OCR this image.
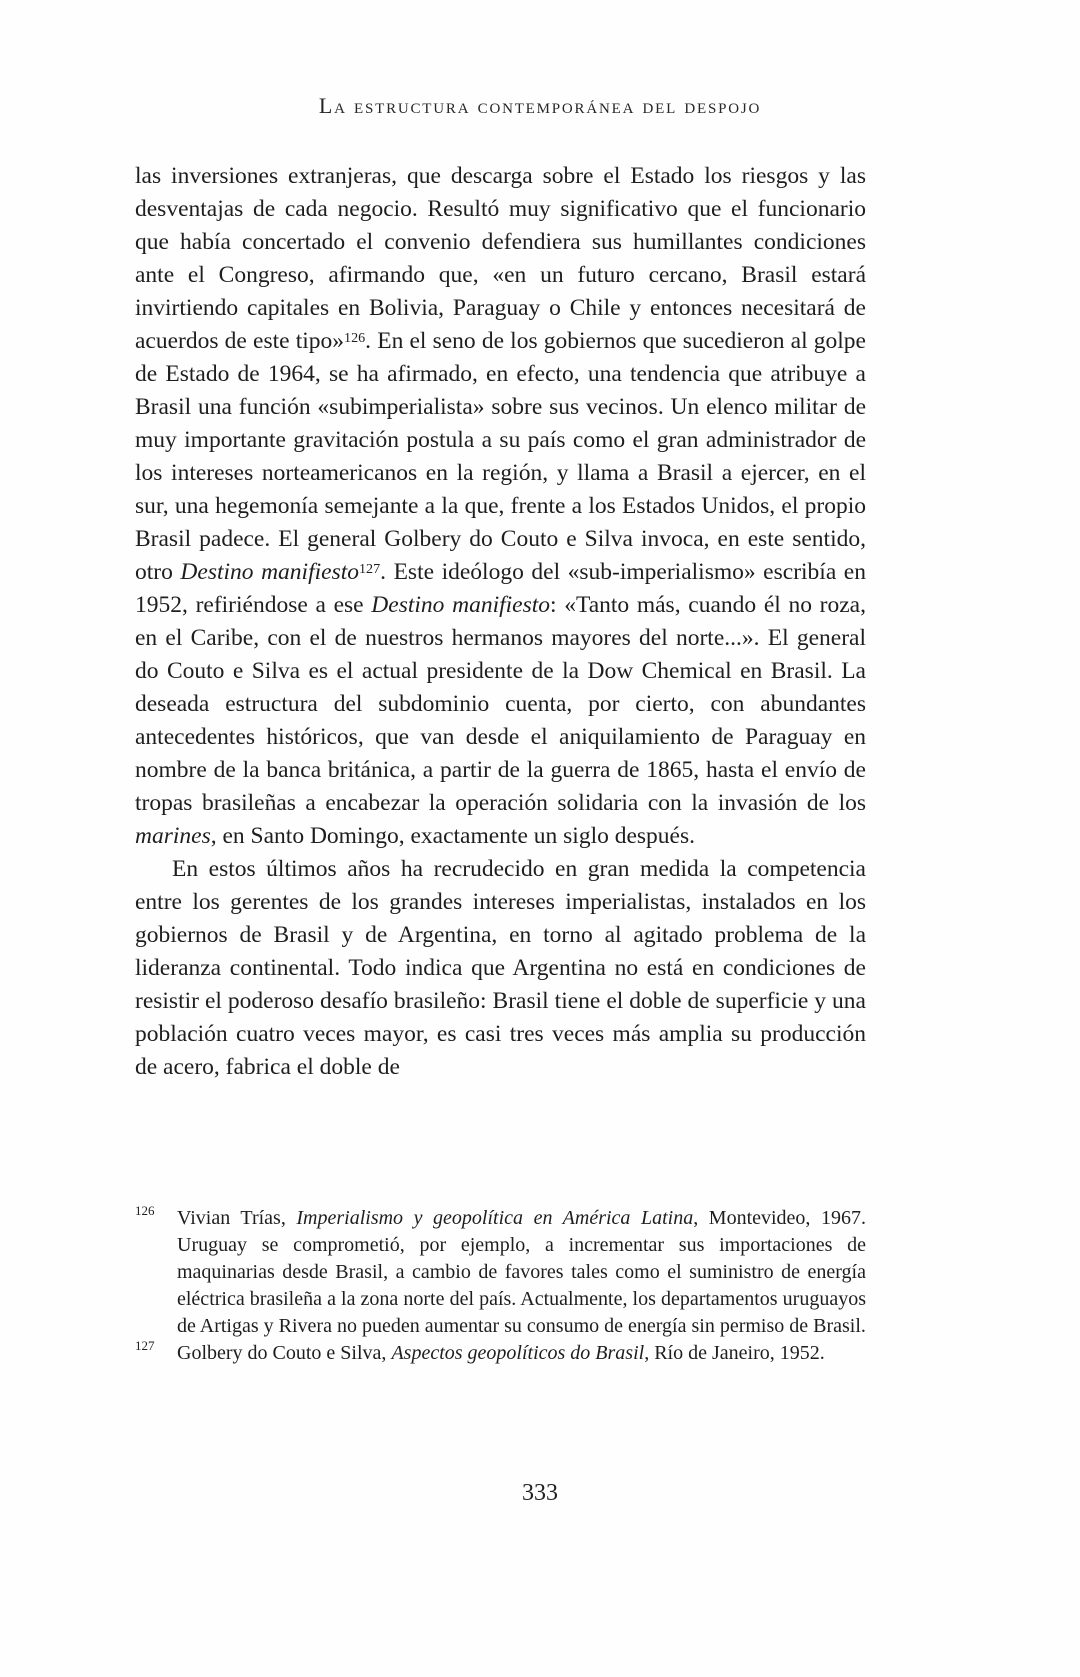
La estructura contemporánea del despojo

las inversiones extranjeras, que descarga sobre el Estado los riesgos y las desventajas de cada negocio. Resultó muy significativo que el funcionario que había concertado el convenio defendiera sus humillantes condiciones ante el Congreso, afirmando que, «en un futuro cercano, Brasil estará invirtiendo capitales en Bolivia, Paraguay o Chile y entonces necesitará de acuerdos de este tipo»$^{126}$. En el seno de los gobiernos que sucedieron al golpe de Estado de 1964, se ha afirmado, en efecto, una tendencia que atribuye a Brasil una función «subimperialista» sobre sus vecinos. Un elenco militar de muy importante gravitación postula a su país como el gran administrador de los intereses norteamericanos en la región, y llama a Brasil a ejercer, en el sur, una hegemonía semejante a la que, frente a los Estados Unidos, el propio Brasil padece. El general Golbery do Couto e Silva invoca, en este sentido, otro Destino manifiesto$^{127}$. Este ideólogo del «sub-imperialismo» escribía en 1952, refiriéndose a ese Destino manifiesto: «Tanto más, cuando él no roza, en el Caribe, con el de nuestros hermanos mayores del norte...». El general do Couto e Silva es el actual presidente de la Dow Chemical en Brasil. La deseada estructura del subdominio cuenta, por cierto, con abundantes antecedentes históricos, que van desde el aniquilamiento de Paraguay en nombre de la banca británica, a partir de la guerra de 1865, hasta el envío de tropas brasileñas a encabezar la operación solidaria con la invasión de los marines, en Santo Domingo, exactamente un siglo después.

En estos últimos años ha recrudecido en gran medida la competencia entre los gerentes de los grandes intereses imperialistas, instalados en los gobiernos de Brasil y de Argentina, en torno al agitado problema de la lideranza continental. Todo indica que Argentina no está en condiciones de resistir el poderoso desafío brasileño: Brasil tiene el doble de superficie y una población cuatro veces mayor, es casi tres veces más amplia su producción de acero, fabrica el doble de

126 Vivian Trías, Imperialismo y geopolítica en América Latina, Montevideo, 1967. Uruguay se comprometió, por ejemplo, a incrementar sus importaciones de maquinarias desde Brasil, a cambio de favores tales como el suministro de energía eléctrica brasileña a la zona norte del país. Actualmente, los departamentos uruguayos de Artigas y Rivera no pueden aumentar su consumo de energía sin permiso de Brasil.
127 Golbery do Couto e Silva, Aspectos geopolíticos do Brasil, Río de Janeiro, 1952.
333
